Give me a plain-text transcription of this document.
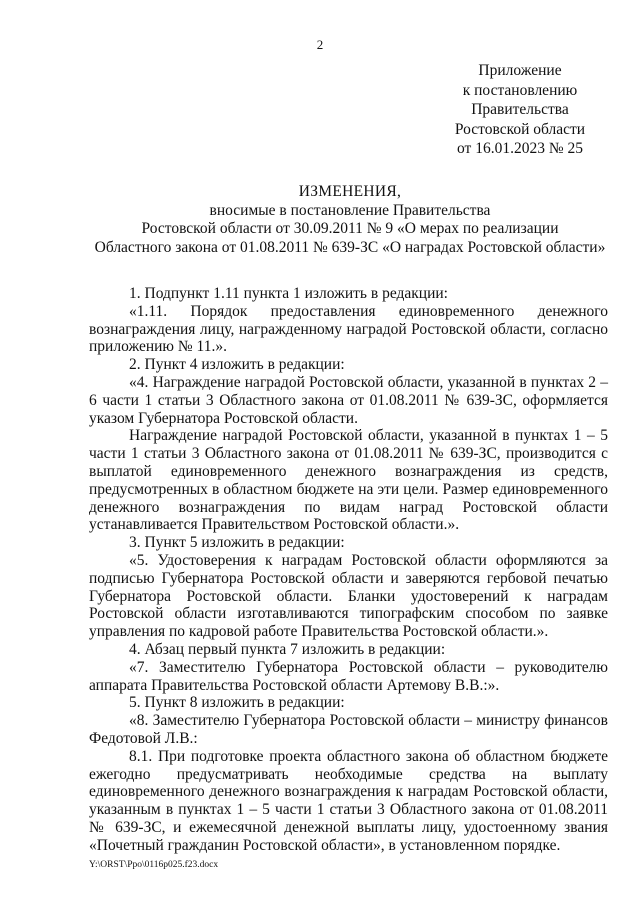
2
Приложение
к постановлению
Правительства
Ростовской области
от 16.01.2023 № 25
ИЗМЕНЕНИЯ,
вносимые в постановление Правительства
Ростовской области от 30.09.2011 № 9 «О мерах по реализации
Областного закона от 01.08.2011 № 639-ЗС «О наградах Ростовской области»

1. Подпункт 1.11 пункта 1 изложить в редакции:

«1.11. Порядок предоставления единовременного денежного вознаграждения лицу, награжденному наградой Ростовской области, согласно приложению № 11.».

2. Пункт 4 изложить в редакции:

«4. Награждение наградой Ростовской области, указанной в пунктах 2 – 6 части 1 статьи 3 Областного закона от 01.08.2011 № 639-ЗС, оформляется указом Губернатора Ростовской области.

Награждение наградой Ростовской области, указанной в пунктах 1 – 5 части 1 статьи 3 Областного закона от 01.08.2011 № 639-ЗС, производится с выплатой единовременного денежного вознаграждения из средств, предусмотренных в областном бюджете на эти цели. Размер единовременного денежного вознаграждения по видам наград Ростовской области устанавливается Правительством Ростовской области.».

3. Пункт 5 изложить в редакции:

«5. Удостоверения к наградам Ростовской области оформляются за подписью Губернатора Ростовской области и заверяются гербовой печатью Губернатора Ростовской области. Бланки удостоверений к наградам Ростовской области изготавливаются типографским способом по заявке управления по кадровой работе Правительства Ростовской области.».

4. Абзац первый пункта 7 изложить в редакции:

«7. Заместителю Губернатора Ростовской области – руководителю аппарата Правительства Ростовской области Артемову В.В.:».

5. Пункт 8 изложить в редакции:

«8. Заместителю Губернатора Ростовской области – министру финансов Федотовой Л.В.:

8.1. При подготовке проекта областного закона об областном бюджете ежегодно предусматривать необходимые средства на выплату единовременного денежного вознаграждения к наградам Ростовской области, указанным в пунктах 1 – 5 части 1 статьи 3 Областного закона от 01.08.2011 № 639-ЗС, и ежемесячной денежной выплаты лицу, удостоенному звания «Почетный гражданин Ростовской области», в установленном порядке.

Y:\ORST\Ppo\0116p025.f23.docx
